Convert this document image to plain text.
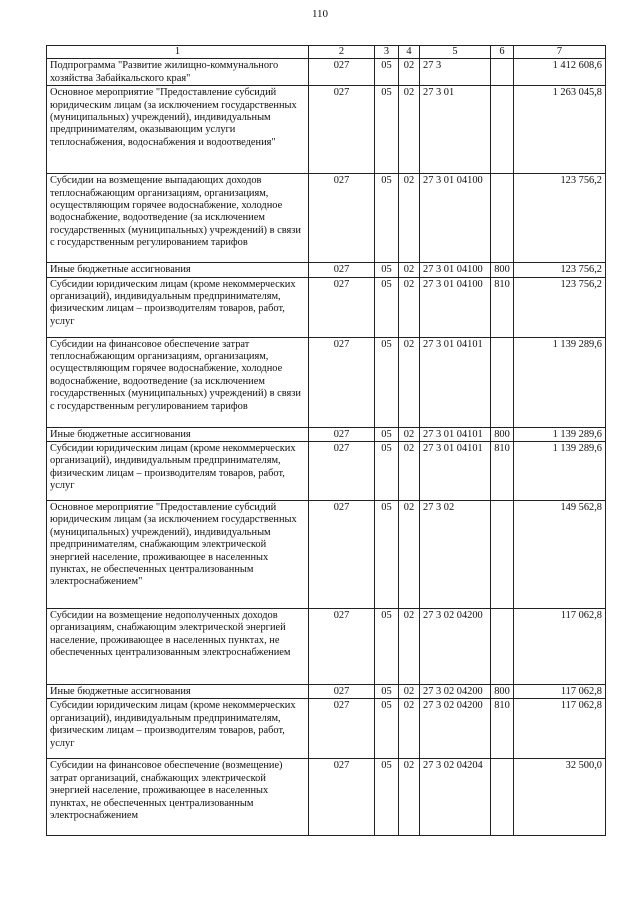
110
1	2	3	4	5	6	7
Подпрограмма "Развитие жилищно-коммунального хозяйства Забайкальского края"	027	05	02	27 3		1 412 608,6
Основное мероприятие "Предоставление субсидий юридическим лицам (за исключением государственных (муниципальных) учреждений), индивидуальным предпринимателям, оказывающим услуги теплоснабжения, водоснабжения и водоотведения"	027	05	02	27 3 01		1 263 045,8
Субсидии на возмещение выпадающих доходов теплоснабжающим организациям, организациям, осуществляющим горячее водоснабжение, холодное водоснабжение, водоотведение (за исключением государственных (муниципальных) учреждений) в связи с государственным регулированием тарифов	027	05	02	27 3 01 04100		123 756,2
Иные бюджетные ассигнования	027	05	02	27 3 01 04100	800	123 756,2
Субсидии юридическим лицам (кроме некоммерческих организаций), индивидуальным предпринимателям, физическим лицам – производителям товаров, работ, услуг	027	05	02	27 3 01 04100	810	123 756,2
Субсидии на финансовое обеспечение затрат теплоснабжающим организациям, организациям, осуществляющим горячее водоснабжение, холодное водоснабжение, водоотведение (за исключением государственных (муниципальных) учреждений) в связи с государственным регулированием тарифов	027	05	02	27 3 01 04101		1 139 289,6
Иные бюджетные ассигнования	027	05	02	27 3 01 04101	800	1 139 289,6
Субсидии юридическим лицам (кроме некоммерческих организаций), индивидуальным предпринимателям, физическим лицам – производителям товаров, работ, услуг	027	05	02	27 3 01 04101	810	1 139 289,6
Основное мероприятие "Предоставление субсидий юридическим лицам (за исключением государственных (муниципальных) учреждений), индивидуальным предпринимателям, снабжающим электрической энергией население, проживающее в населенных пунктах, не обеспеченных централизованным электроснабжением"	027	05	02	27 3 02		149 562,8
Субсидии на возмещение недополученных доходов организациям, снабжающим электрической энергией население, проживающее в населенных пунктах, не обеспеченных централизованным электроснабжением	027	05	02	27 3 02 04200		117 062,8
Иные бюджетные ассигнования	027	05	02	27 3 02 04200	800	117 062,8
Субсидии юридическим лицам (кроме некоммерческих организаций), индивидуальным предпринимателям, физическим лицам – производителям товаров, работ, услуг	027	05	02	27 3 02 04200	810	117 062,8
Субсидии на финансовое обеспечение (возмещение) затрат организаций, снабжающих электрической энергией население, проживающее в населенных пунктах, не обеспеченных централизованным электроснабжением	027	05	02	27 3 02 04204		32 500,0
